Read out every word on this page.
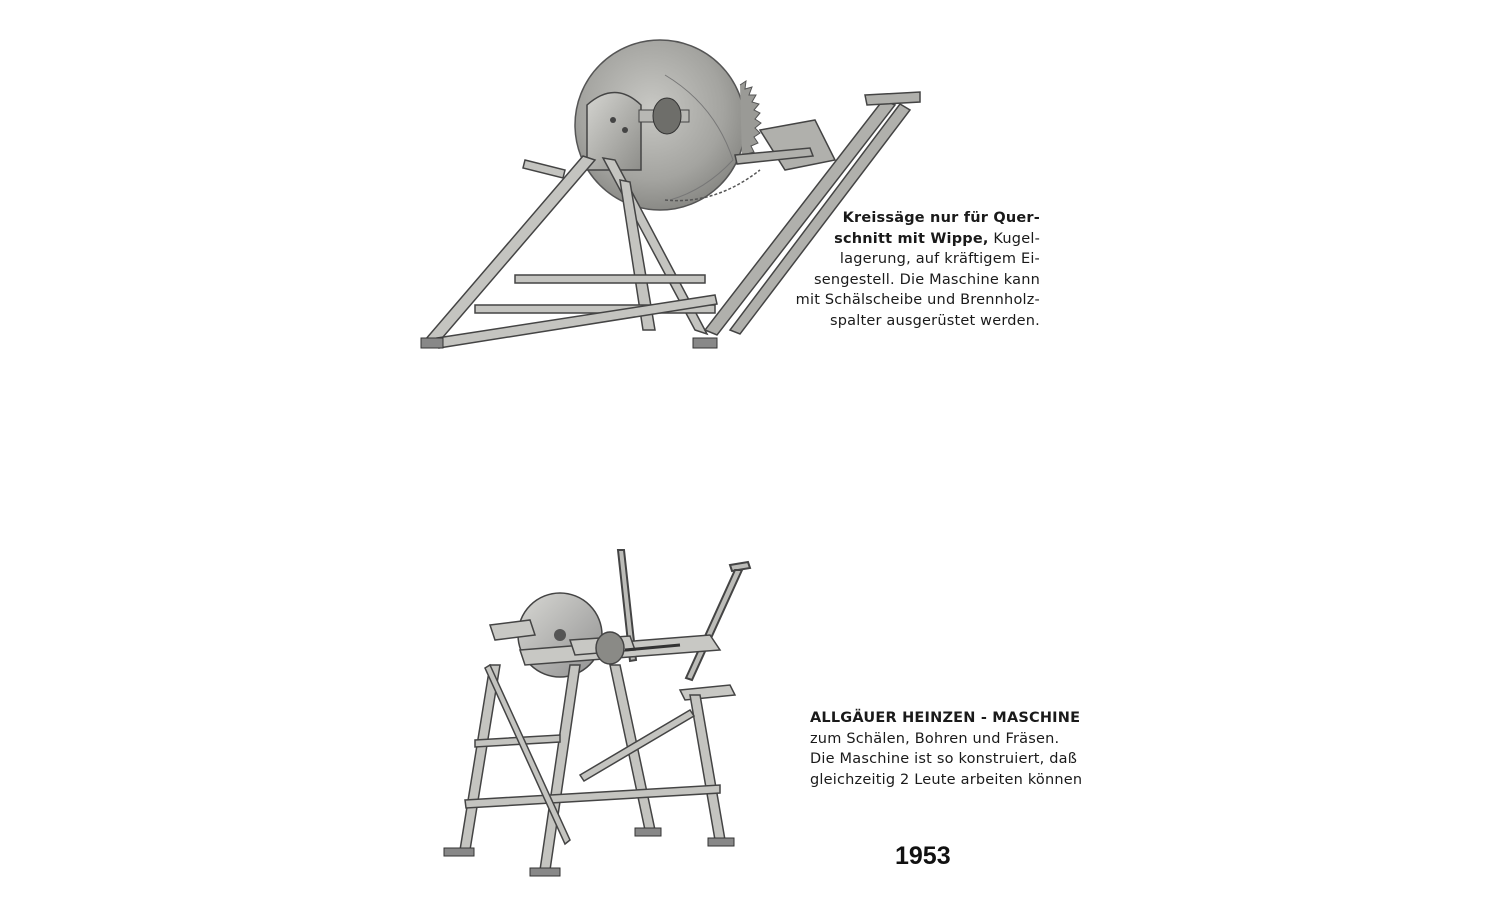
Kreissäge nur für Quer-
schnitt mit Wippe, Kugel-
lagerung, auf kräftigem Ei-
sengestell. Die Maschine kann
mit Schälscheibe und Brennholz-
spalter ausgerüstet werden.
ALLGÄUER HEINZEN - MASCHINE
zum Schälen, Bohren und Fräsen.
Die Maschine ist so konstruiert, daß
gleichzeitig 2 Leute arbeiten können
1953
